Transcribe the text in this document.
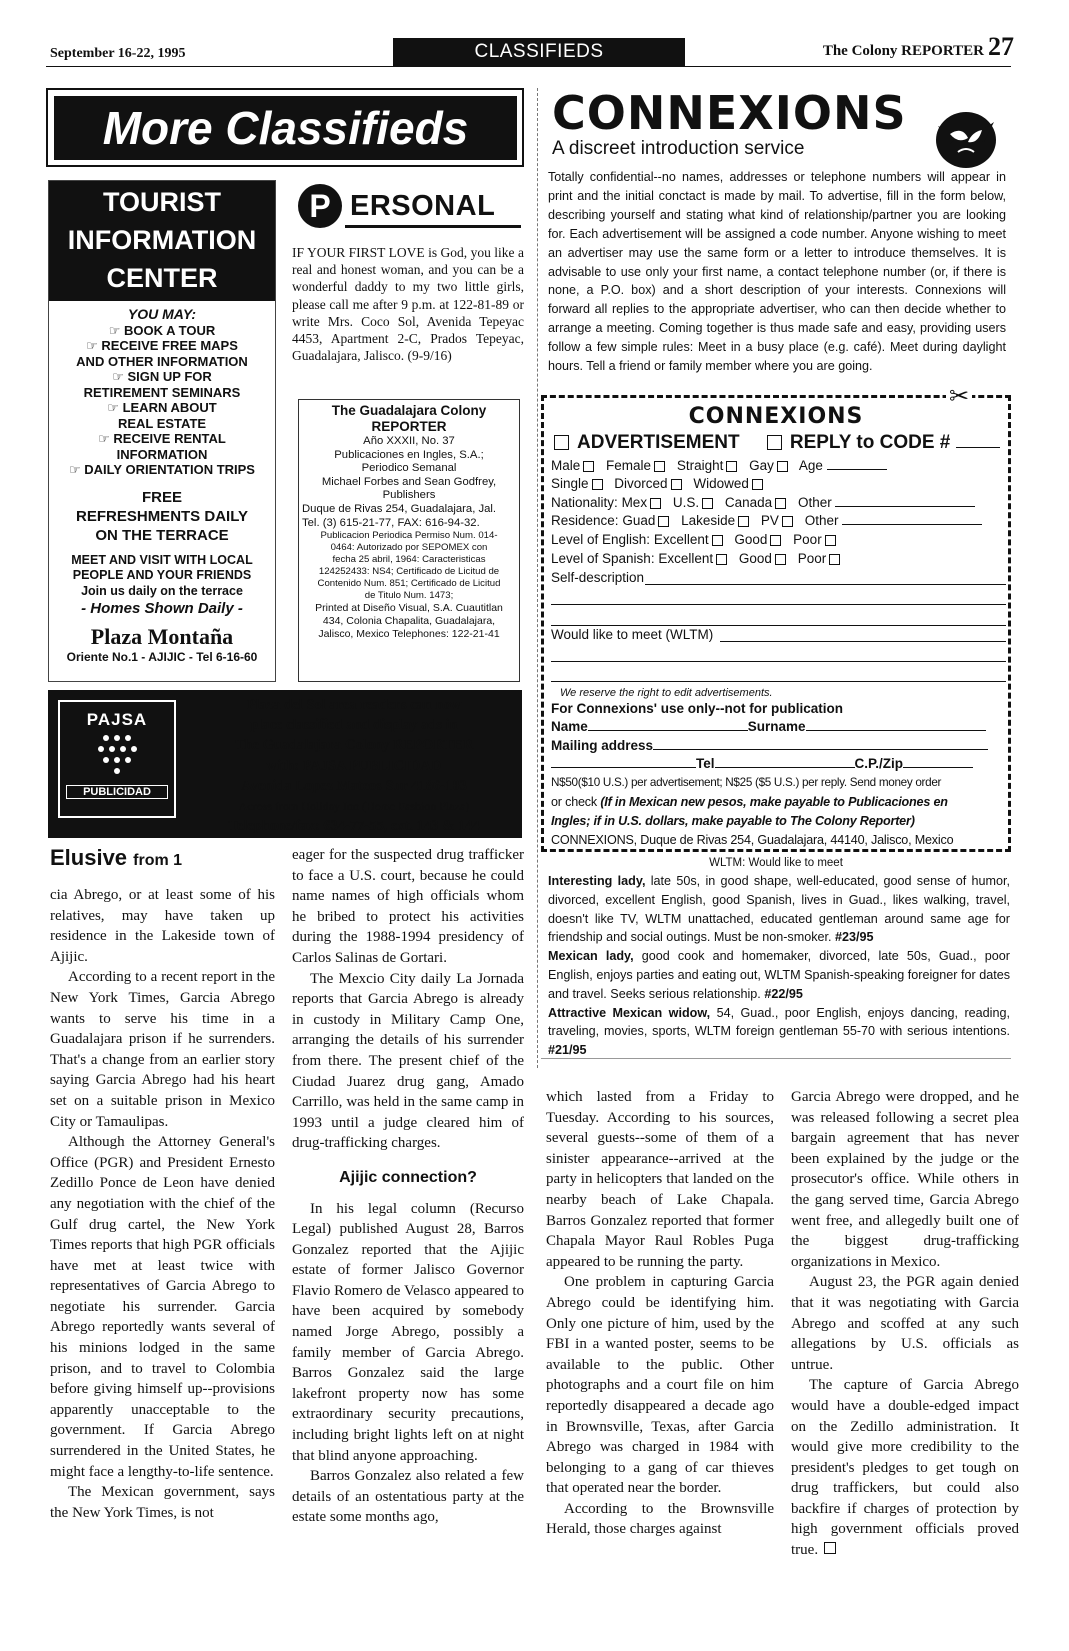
September 16-22, 1995	CLASSIFIEDS	The Colony REPORTER 27
More Classifieds
TOURIST
INFORMATION
CENTER
YOU MAY:
☞ BOOK A TOUR
☞ RECEIVE FREE MAPS
AND OTHER INFORMATION
☞ SIGN UP FOR
RETIREMENT SEMINARS
☞ LEARN ABOUT
REAL ESTATE
☞ RECEIVE RENTAL
INFORMATION
☞ DAILY ORIENTATION TRIPS
FREE
REFRESHMENTS DAILY
ON THE TERRACE
MEET AND VISIT WITH LOCAL
PEOPLE AND YOUR FRIENDS
Join us daily on the terrace
- Homes Shown Daily -
Plaza Montaña
Oriente No.1 - AJIJIC - Tel 6-16-60
P ERSONAL
IF YOUR FIRST LOVE is God, you like a real and honest woman, and you can be a wonderful daddy to my two little girls, please call me after 9 p.m. at 122-81-89 or write Mrs. Coco Sol, Avenida Tepeyac 4453, Apartment 2-C, Prados Tepeyac, Guadalajara, Jalisco. (9-9/16)
The Guadalajara Colony
REPORTER
Año XXXII, No. 37
Publicaciones en Ingles, S.A.;
Periodico Semanal
Michael Forbes and Sean Godfrey,
Publishers
Duque de Rivas 254, Guadalajara, Jal.
Tel. (3) 615-21-77, FAX: 616-94-32.
Publicacion Periodica Permiso Num. 014-
0464: Autorizado por SEPOMEX con
fecha 25 abril, 1964: Caracteristicas
124252433: NS4; Certificado de Licitud de
Contenido Num. 851; Certificado de Licitud
de Titulo Num. 1473;
Printed at Diseño Visual, S.A. Cuautitlan
434, Colonia Chapalita, Guadalajara,
Jalisco, Mexico Telephones: 122-21-41
PAJSA
PUBLICIDAD
Plaza del Sol area readers can now
place classified and display ads in
The Guadalajara Colony REPORTER
with: PAJSA PUBLICIDAD
Avenida Lopez Mateos Sur 4186-103
Across from Holiday Inn (Home Fashion Plaza)
Telephone/fax: 634-77-55, ext. 143 & 144
Elusive from 1

cia Abrego, or at least some of his relatives, may have taken up residence in the Lakeside town of Ajijic.

According to a recent report in the New York Times, Garcia Abrego wants to serve his time in a Guadalajara prison if he surrenders. That's a change from an earlier story saying Garcia Abrego had his heart set on a suitable prison in Mexico City or Tamaulipas.

Although the Attorney General's Office (PGR) and President Ernesto Zedillo Ponce de Leon have denied any negotiation with the chief of the Gulf drug cartel, the New York Times reports that high PGR officials have met at least twice with representatives of Garcia Abrego to negotiate his surrender. Garcia Abrego reportedly wants several of his minions lodged in the same prison, and to travel to Colombia before giving himself up--provisions apparently unacceptable to the government. If Garcia Abrego surrendered in the United States, he might face a lengthy-to-life sentence.

The Mexican government, says the New York Times, is not

eager for the suspected drug trafficker to face a U.S. court, because he could name names of high officials whom he bribed to protect his activities during the 1988-1994 presidency of Carlos Salinas de Gortari.

The Mexcio City daily La Jornada reports that Garcia Abrego is already in custody in Military Camp One, arranging the details of his surrender from there. The present chief of the Ciudad Juarez drug gang, Amado Carrillo, was held in the same camp in 1993 until a judge cleared him of drug-trafficking charges.

Ajijic connection?

In his legal column (Recurso Legal) published August 28, Barros Gonzalez reported that the Ajijic estate of former Jalisco Governor Flavio Romero de Velasco appeared to have been acquired by somebody named Jorge Abrego, possibly a family member of Garcia Abrego. Barros Gonzalez said the large lakefront property now has some extraordinary security precautions, including bright lights left on at night that blind anyone approaching.

Barros Gonzalez also related a few details of an ostentatious party at the estate some months ago,

which lasted from a Friday to Tuesday. According to his sources, several guests--some of them of a sinister appearance--arrived at the party in helicopters that landed on the nearby beach of Lake Chapala. Barros Gonzalez reported that former Chapala Mayor Raul Robles Puga appeared to be running the party.

One problem in capturing Garcia Abrego could be identifying him. Only one picture of him, used by the FBI in a wanted poster, seems to be available to the public. Other photographs and a court file on him reportedly disappeared a decade ago in Brownsville, Texas, after Garcia Abrego was charged in 1984 with belonging to a gang of car thieves that operated near the border.

According to the Brownsville Herald, those charges against

Garcia Abrego were dropped, and he was released following a secret plea bargain agreement that has never been explained by the judge or the prosecutor's office. While others in the gang served time, Garcia Abrego went free, and allegedly built one of the biggest drug-trafficking organizations in Mexico.

August 23, the PGR again denied that it was negotiating with Garcia Abrego and scoffed at any such allegations by U.S. officials as untrue.

The capture of Garcia Abrego would have a double-edged impact on the Zedillo administration. It would give more credibility to the president's pledges to get tough on drug traffickers, but could also backfire if charges of protection by high government officials proved true.

CONNEXIONS
A discreet introduction service
Totally confidential--no names, addresses or telephone numbers will appear in print and the initial conctact is made by mail. To advertise, fill in the form below, describing yourself and stating what kind of relationship/partner you are looking for. Each advertisement will be assigned a code number. Anyone wishing to meet an advertiser may use the same form or a letter to introduce themselves. It is advisable to use only your first name, a contact telephone number (or, if there is none, a P.O. box) and a short description of your interests. Connexions will forward all replies to the appropriate advertiser, who can then decide whether to arrange a meeting. Coming together is thus made safe and easy, providing users follow a few simple rules: Meet in a busy place (e.g. café). Meet during daylight hours. Tell a friend or family member where you are going.
✂
CONNEXIONS
ADVERTISEMENT	REPLY to CODE #
Male Female Straight Gay Age
Single Divorced Widowed
Nationality: Mex U.S. Canada Other
Residence: Guad Lakeside PV Other
Level of English: Excellent Good Poor
Level of Spanish: Excellent Good Poor
Self-description
Would like to meet (WLTM)
We reserve the right to edit advertisements.
For Connexions' use only--not for publication
Name	Surname
Mailing address
Tel	C.P./Zip
N$50($10 U.S.) per advertisement; N$25 ($5 U.S.) per reply. Send money order
or check (If in Mexican new pesos, make payable to Publicaciones en
Ingles; if in U.S. dollars, make payable to The Colony Reporter)
CONNEXIONS, Duque de Rivas 254, Guadalajara, 44140, Jalisco, Mexico
WLTM: Would like to meet

Interesting lady, late 50s, in good shape, well-educated, good sense of humor, divorced, excellent English, good Spanish, lives in Guad., likes walking, travel, doesn't like TV, WLTM unattached, educated gentleman around same age for friendship and social outings. Must be non-smoker. #23/95

Mexican lady, good cook and homemaker, divorced, late 50s, Guad., poor English, enjoys parties and eating out, WLTM Spanish-speaking foreigner for dates and travel. Seeks serious relationship. #22/95

Attractive Mexican widow, 54, Guad., poor English, enjoys dancing, reading, traveling, movies, sports, WLTM foreign gentleman 55-70 with serious intentions. #21/95
